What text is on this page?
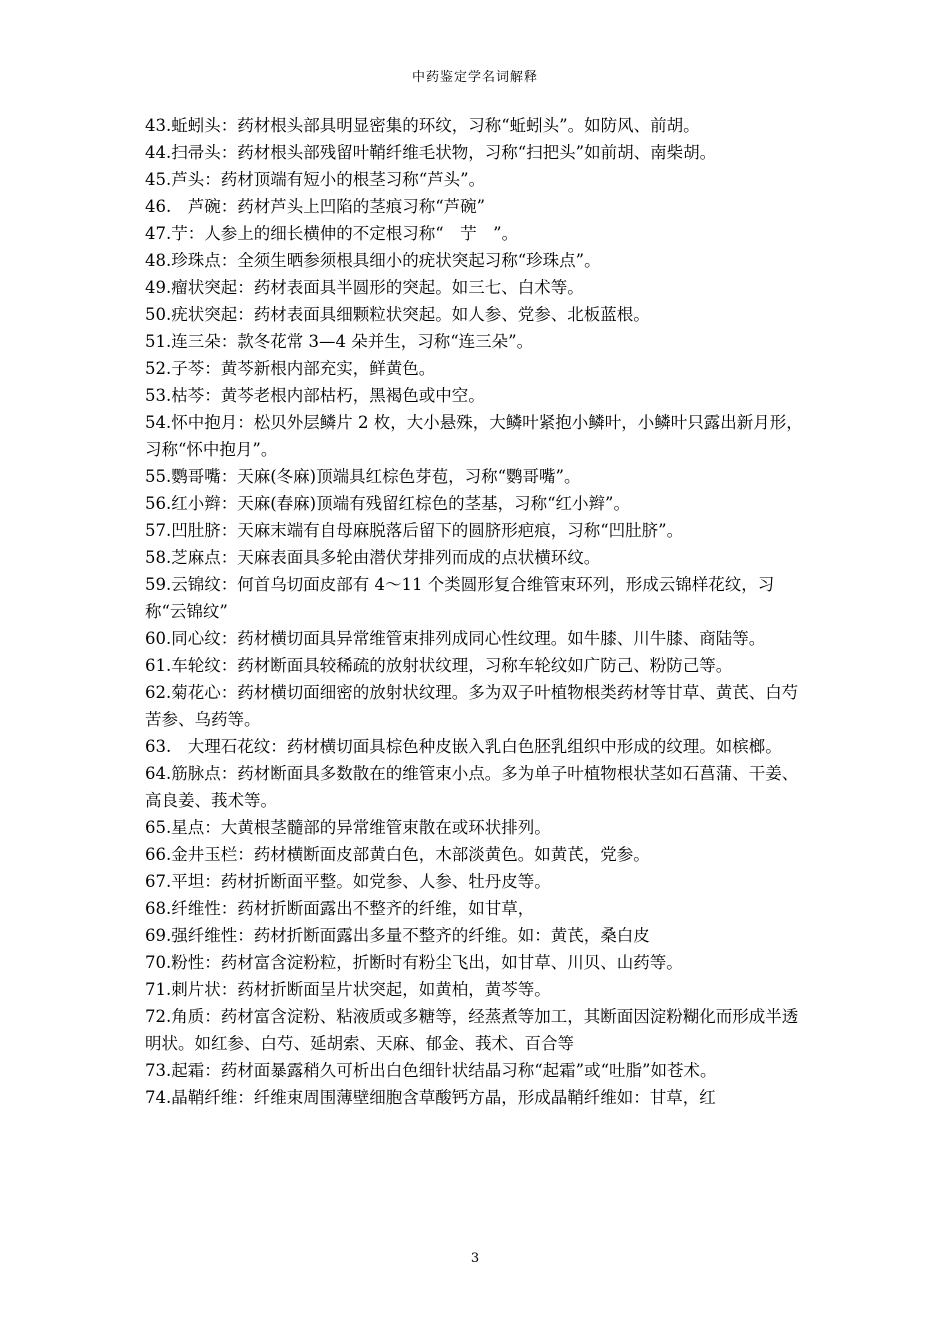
中药鉴定学名词解释

43.蚯蚓头：药材根头部具明显密集的环纹，习称“蚯蚓头”。如防风、前胡。

44.扫帚头：药材根头部残留叶鞘纤维毛状物，习称“扫把头”如前胡、南柴胡。

45.芦头：药材顶端有短小的根茎习称“芦头”。

46.　芦碗：药材芦头上凹陷的茎痕习称“芦碗”

47.艼：人参上的细长横伸的不定根习称“　艼　”。

48.珍珠点：全须生晒参须根具细小的疣状突起习称“珍珠点”。

49.瘤状突起：药材表面具半圆形的突起。如三七、白术等。

50.疣状突起：药材表面具细颗粒状突起。如人参、党参、北板蓝根。

51.连三朵：款冬花常 3—4 朵并生，习称“连三朵”。

52.子芩：黄芩新根内部充实，鲜黄色。

53.枯芩：黄芩老根内部枯朽，黑褐色或中空。

54.怀中抱月：松贝外层鳞片 2 枚，大小悬殊，大鳞叶紧抱小鳞叶，小鳞叶只露出新月形，习称“怀中抱月”。

55.鹦哥嘴：天麻(冬麻)顶端具红棕色芽苞，习称“鹦哥嘴”。

56.红小辫：天麻(春麻)顶端有残留红棕色的茎基，习称“红小辫”。

57.凹肚脐：天麻末端有自母麻脱落后留下的圆脐形疤痕，习称“凹肚脐”。

58.芝麻点：天麻表面具多轮由潜伏芽排列而成的点状横环纹。

59.云锦纹：何首乌切面皮部有 4～11 个类圆形复合维管束环列，形成云锦样花纹，习称“云锦纹”

60.同心纹：药材横切面具异常维管束排列成同心性纹理。如牛膝、川牛膝、商陆等。

61.车轮纹：药材断面具较稀疏的放射状纹理，习称车轮纹如广防己、粉防己等。

62.菊花心：药材横切面细密的放射状纹理。多为双子叶植物根类药材等甘草、黄芪、白芍苦参、乌药等。

63.　大理石花纹：药材横切面具棕色种皮嵌入乳白色胚乳组织中形成的纹理。如槟榔。

64.筋脉点：药材断面具多数散在的维管束小点。多为单子叶植物根状茎如石菖蒲、干姜、高良姜、莪术等。

65.星点：大黄根茎髓部的异常维管束散在或环状排列。

66.金井玉栏：药材横断面皮部黄白色，木部淡黄色。如黄芪，党参。

67.平坦：药材折断面平整。如党参、人参、牡丹皮等。

68.纤维性：药材折断面露出不整齐的纤维，如甘草，

69.强纤维性：药材折断面露出多量不整齐的纤维。如：黄芪，桑白皮

70.粉性：药材富含淀粉粒，折断时有粉尘飞出，如甘草、川贝、山药等。

71.刺片状：药材折断面呈片状突起，如黄柏，黄芩等。

72.角质：药材富含淀粉、粘液质或多糖等，经蒸煮等加工，其断面因淀粉糊化而形成半透明状。如红参、白芍、延胡索、天麻、郁金、莪术、百合等

73.起霜：药材面暴露稍久可析出白色细针状结晶习称“起霜”或“吐脂”如苍术。

74.晶鞘纤维：纤维束周围薄壁细胞含草酸钙方晶，形成晶鞘纤维如：甘草，红

3
